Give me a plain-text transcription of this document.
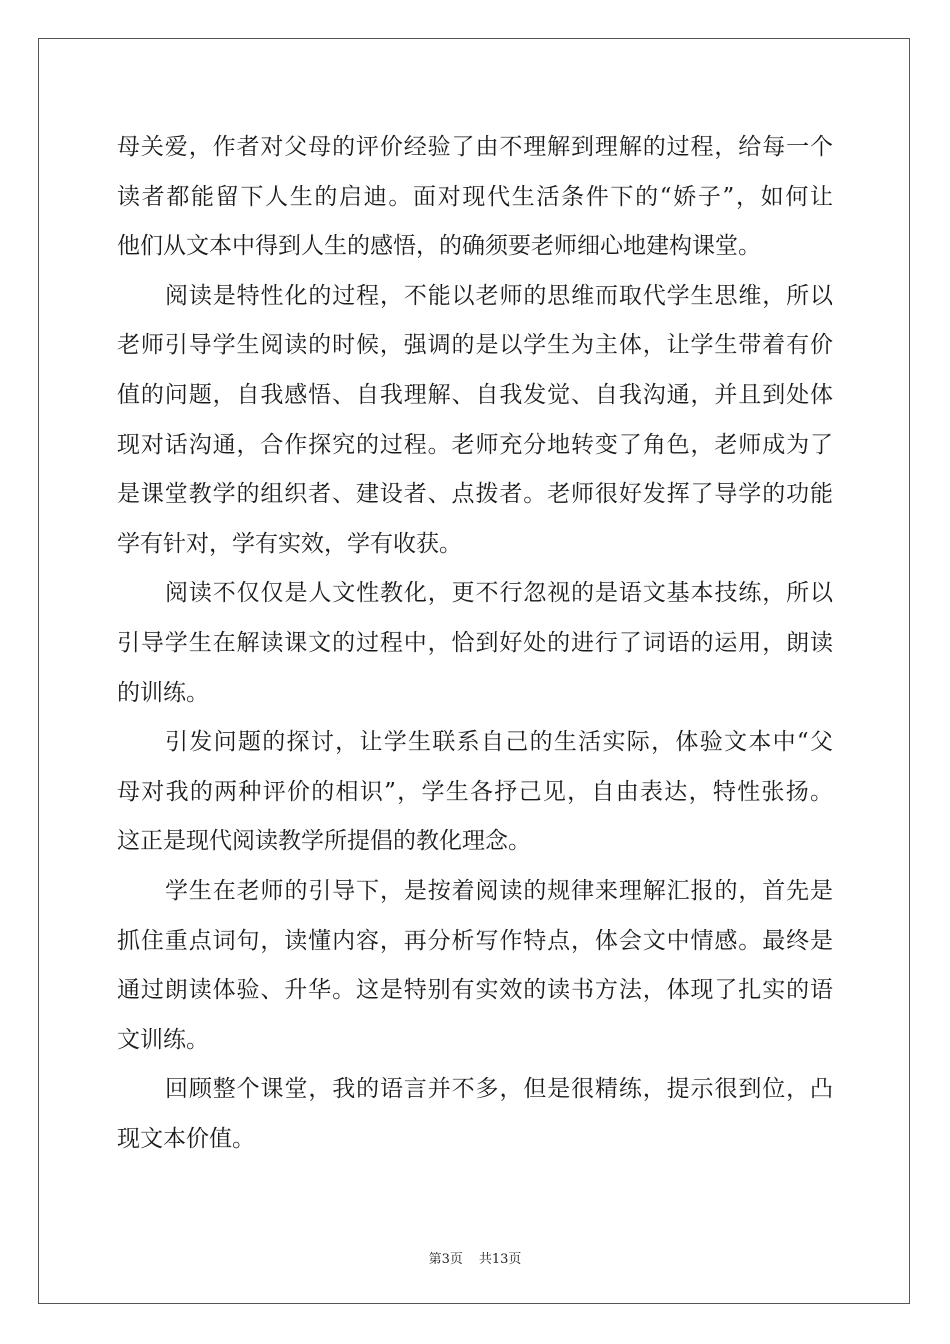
母关爱，作者对父母的评价经验了由不理解到理解的过程，给每一个
读者都能留下人生的启迪。面对现代生活条件下的“娇子”，如何让
他们从文本中得到人生的感悟，的确须要老师细心地建构课堂。
阅读是特性化的过程，不能以老师的思维而取代学生思维，所以
老师引导学生阅读的时候，强调的是以学生为主体，让学生带着有价
值的问题，自我感悟、自我理解、自我发觉、自我沟通，并且到处体
现对话沟通，合作探究的过程。老师充分地转变了角色，老师成为了
是课堂教学的组织者、建设者、点拨者。老师很好发挥了导学的功能
学有针对，学有实效，学有收获。
阅读不仅仅是人文性教化，更不行忽视的是语文基本技练，所以
引导学生在解读课文的过程中，恰到好处的进行了词语的运用，朗读
的训练。
引发问题的探讨，让学生联系自己的生活实际，体验文本中“父
母对我的两种评价的相识”，学生各抒己见，自由表达，特性张扬。
这正是现代阅读教学所提倡的教化理念。
学生在老师的引导下，是按着阅读的规律来理解汇报的，首先是
抓住重点词句，读懂内容，再分析写作特点，体会文中情感。最终是
通过朗读体验、升华。这是特别有实效的读书方法，体现了扎实的语
文训练。
回顾整个课堂，我的语言并不多，但是很精练，提示很到位，凸
现文本价值。
第3页 共13页
